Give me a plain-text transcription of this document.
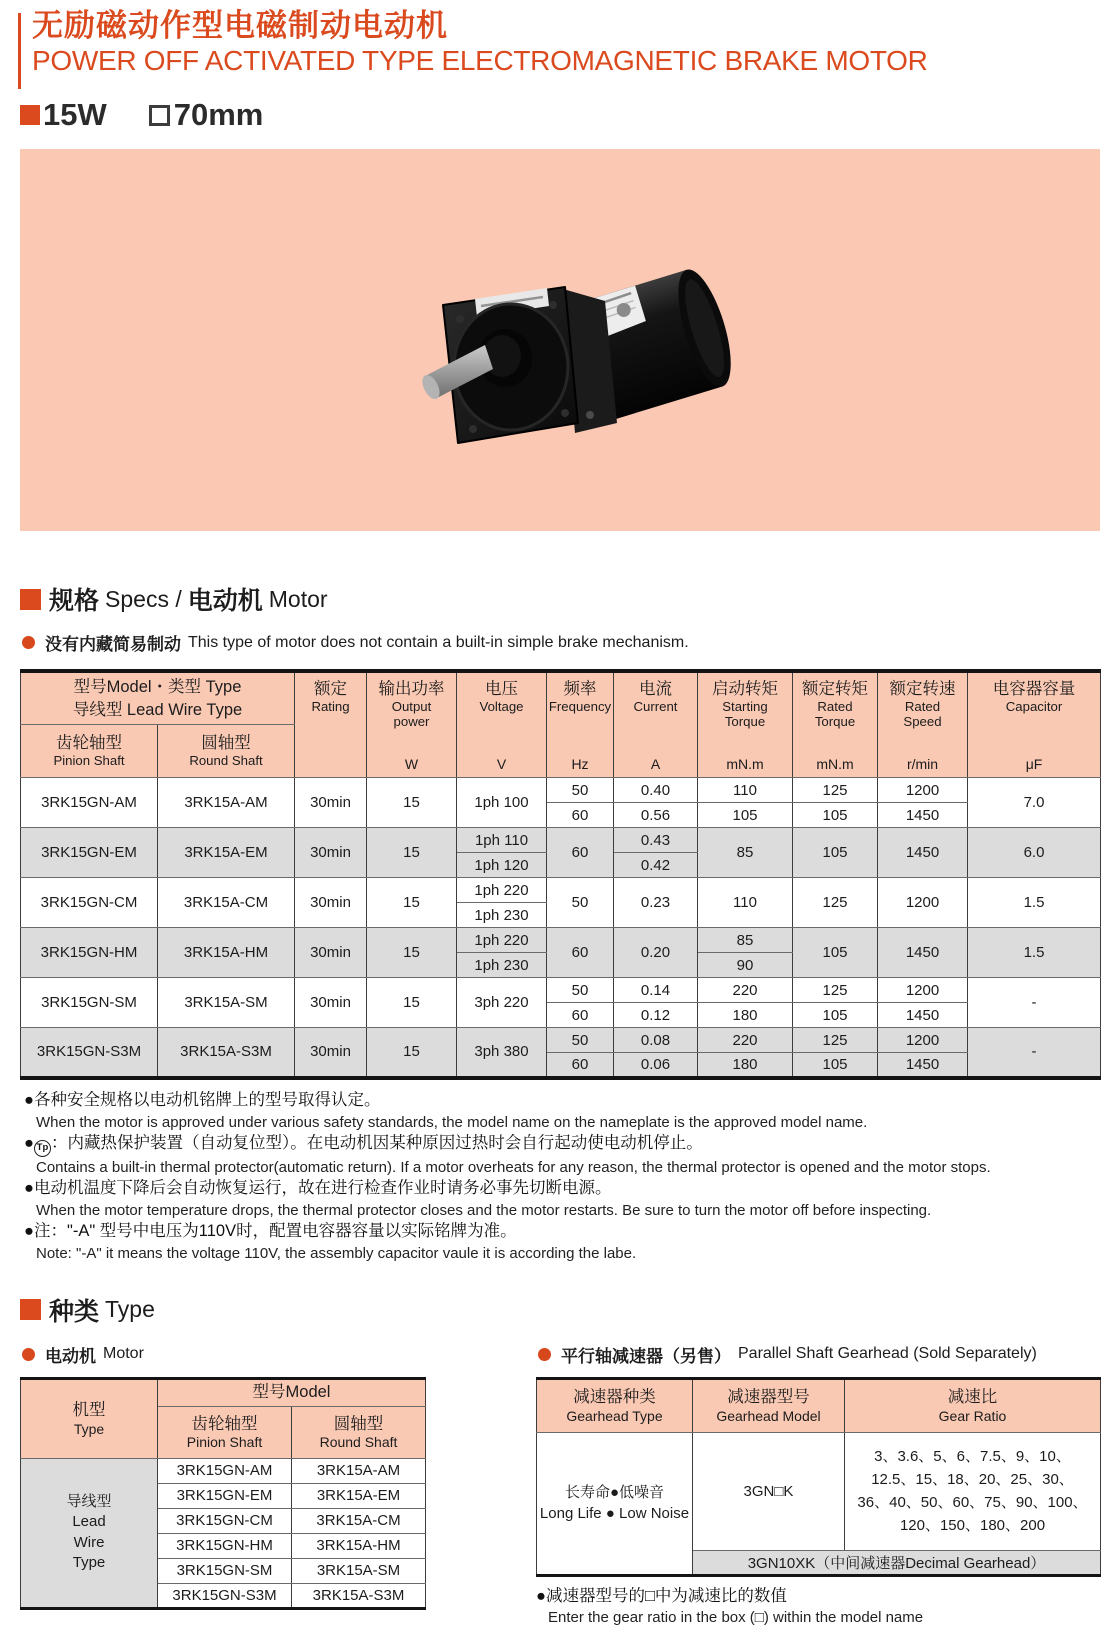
无励磁动作型电磁制动电动机
POWER OFF ACTIVATED TYPE ELECTROMAGNETIC BRAKE MOTOR
15W 70mm
规格 Specs / 电动机 Motor
没有内藏简易制动 This type of motor does not contain a built-in simple brake mechanism.
型号Model・类型 Type
导线型 Lead Wire Type

额定
Rating

输出功率
Output
power
W

电压
Voltage
V

频率
Frequency
Hz

电流
Current
A

启动转矩
Starting
Torque
mN.m

额定转矩
Rated
Torque
mN.m

额定转速
Rated
Speed
r/min

电容器容量
Capacitor
μF

齿轮轴型
Pinion Shaft

圆轴型
Round Shaft

3RK15GN-AM	3RK15A-AM	30min	15	1ph 100	50	0.40	110	125	1200	7.0
					60	0.56	105	105	1450	
3RK15GN-EM	3RK15A-EM	30min	15	1ph 110	60	0.43	85	105	1450	6.0
				1ph 120		0.42				
3RK15GN-CM	3RK15A-CM	30min	15	1ph 220	50	0.23	110	125	1200	1.5
				1ph 230						
3RK15GN-HM	3RK15A-HM	30min	15	1ph 220	60	0.20	85	105	1450	1.5
				1ph 230			90			
3RK15GN-SM	3RK15A-SM	30min	15	3ph 220	50	0.14	220	125	1200	-
					60	0.12	180	105	1450	
3RK15GN-S3M	3RK15A-S3M	30min	15	3ph 380	50	0.08	220	125	1200	-
					60	0.06	180	105	1450	
●各种安全规格以电动机铭牌上的型号取得认定。
When the motor is approved under various safety standards, the model name on the nameplate is the approved model name.
● Tp ：内藏热保护装置（自动复位型）。在电动机因某种原因过热时会自行起动使电动机停止。
Contains a built-in thermal protector(automatic return). If a motor overheats for any reason, the thermal protector is opened and the motor stops.
●电动机温度下降后会自动恢复运行，故在进行检查作业时请务必事先切断电源。
When the motor temperature drops, the thermal protector closes and the motor restarts. Be sure to turn the motor off before inspecting.
●注："-A" 型号中电压为110V时，配置电容器容量以实际铭牌为准。
Note: "-A" it means the voltage 110V, the assembly capacitor vaule it is according the labe.
种类 Type
电动机 Motor
机型
Type	型号Model	

齿轮轴型
Pinion Shaft

圆轴型
Round Shaft

导线型
Lead
Wire
Type	3RK15GN-AM	3RK15A-AM
	3RK15GN-EM	3RK15A-EM
	3RK15GN-CM	3RK15A-CM
	3RK15GN-HM	3RK15A-HM
	3RK15GN-SM	3RK15A-SM
	3RK15GN-S3M	3RK15A-S3M
平行轴减速器（另售） Parallel Shaft Gearhead (Sold Separately)
减速器种类
Gearhead Type

减速器型号
Gearhead Model

减速比
Gear Ratio

长寿命●低噪音
Long Life ● Low Noise	3GN□K	3、3.6、5、6、7.5、9、10、12.5、15、18、20、25、30、36、40、50、60、75、90、100、120、150、180、200
	3GN10XK（中间减速器Decimal Gearhead）	
●减速器型号的□中为减速比的数值
Enter the gear ratio in the box (□) within the model name
